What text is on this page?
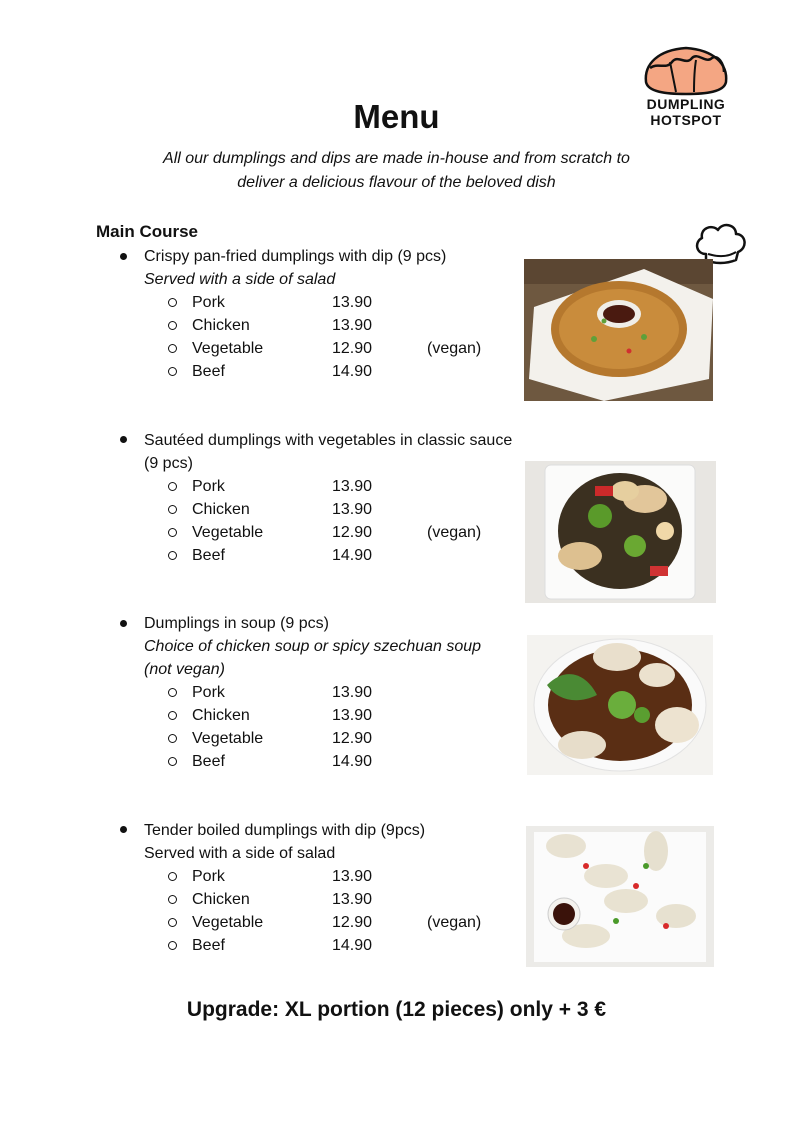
DUMPLING
HOTSPOT
Menu
All our dumplings and dips are made in-house and from scratch to
deliver a delicious flavour of the beloved dish
Main Course
Crispy pan-fried dumplings with dip (9 pcs)
Served with a side of salad
Pork	13.90
Chicken	13.90
Vegetable	12.90	(vegan)
Beef	14.90
Sautéed dumplings with vegetables in classic sauce
(9 pcs)
Pork	13.90
Chicken	13.90
Vegetable	12.90	(vegan)
Beef	14.90
Dumplings in soup (9 pcs)
Choice of chicken soup or spicy szechuan soup
(not vegan)
Pork	13.90
Chicken	13.90
Vegetable	12.90
Beef	14.90
Tender boiled dumplings with dip (9pcs)
Served with a side of salad
Pork	13.90
Chicken	13.90
Vegetable	12.90	(vegan)
Beef	14.90
Upgrade: XL portion (12 pieces) only + 3 €
